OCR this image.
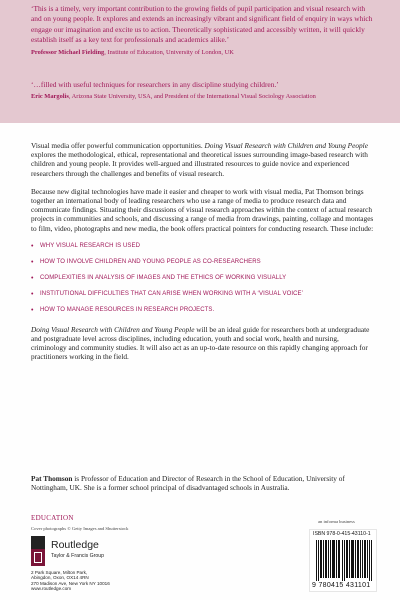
‘This is a timely, very important contribution to the growing fields of pupil participation and visual research with and on young people. It explores and extends an increasingly vibrant and significant field of enquiry in ways which engage our imagination and excite us to action. Theoretically sophisticated and accessibly written, it will quickly establish itself as a key text for professionals and academics alike.’
Professor Michael Fielding, Institute of Education, University of London, UK
‘…filled with useful techniques for researchers in any discipline studying children.’
Eric Margolis, Arizona State University, USA, and President of the International Visual Sociology Association

Visual media offer powerful communication opportunities. Doing Visual Research with Children and Young People explores the methodological, ethical, representational and theoretical issues surrounding image-based research with children and young people. It provides well-argued and illustrated resources to guide novice and experienced researchers through the challenges and benefits of visual research.

Because new digital technologies have made it easier and cheaper to work with visual media, Pat Thomson brings together an international body of leading researchers who use a range of media to produce research data and communicate findings. Situating their discussions of visual research approaches within the context of actual research projects in communities and schools, and discussing a range of media from drawings, painting, collage and montages to film, video, photographs and new media, the book offers practical pointers for conducting research. These include:

• WHY VISUAL RESEARCH IS USED
• HOW TO INVOLVE CHILDREN AND YOUNG PEOPLE AS CO-RESEARCHERS
• COMPLEXITIES IN ANALYSIS OF IMAGES AND THE ETHICS OF WORKING VISUALLY
• INSTITUTIONAL DIFFICULTIES THAT CAN ARISE WHEN WORKING WITH A ‘VISUAL VOICE’
• HOW TO MANAGE RESOURCES IN RESEARCH PROJECTS.

Doing Visual Research with Children and Young People will be an ideal guide for researchers both at undergraduate and postgraduate level across disciplines, including education, youth and social work, health and nursing, criminology and community studies. It will also act as an up-to-date resource on this rapidly changing approach for practitioners working in the field.

Pat Thomson is Professor of Education and Director of Research in the School of Education, University of Nottingham, UK. She is a former school principal of disadvantaged schools in Australia.
EDUCATION
Cover photographs © Getty Images and Shutterstock
an informa business
Routledge
Taylor & Francis Group
2 Park Square, Milton Park,
Abingdon, Oxon, OX14 4RN
270 Madison Ave, New York NY 10016
www.routledge.com
ISBN 978-0-415-43110-1
9 780415 431101
